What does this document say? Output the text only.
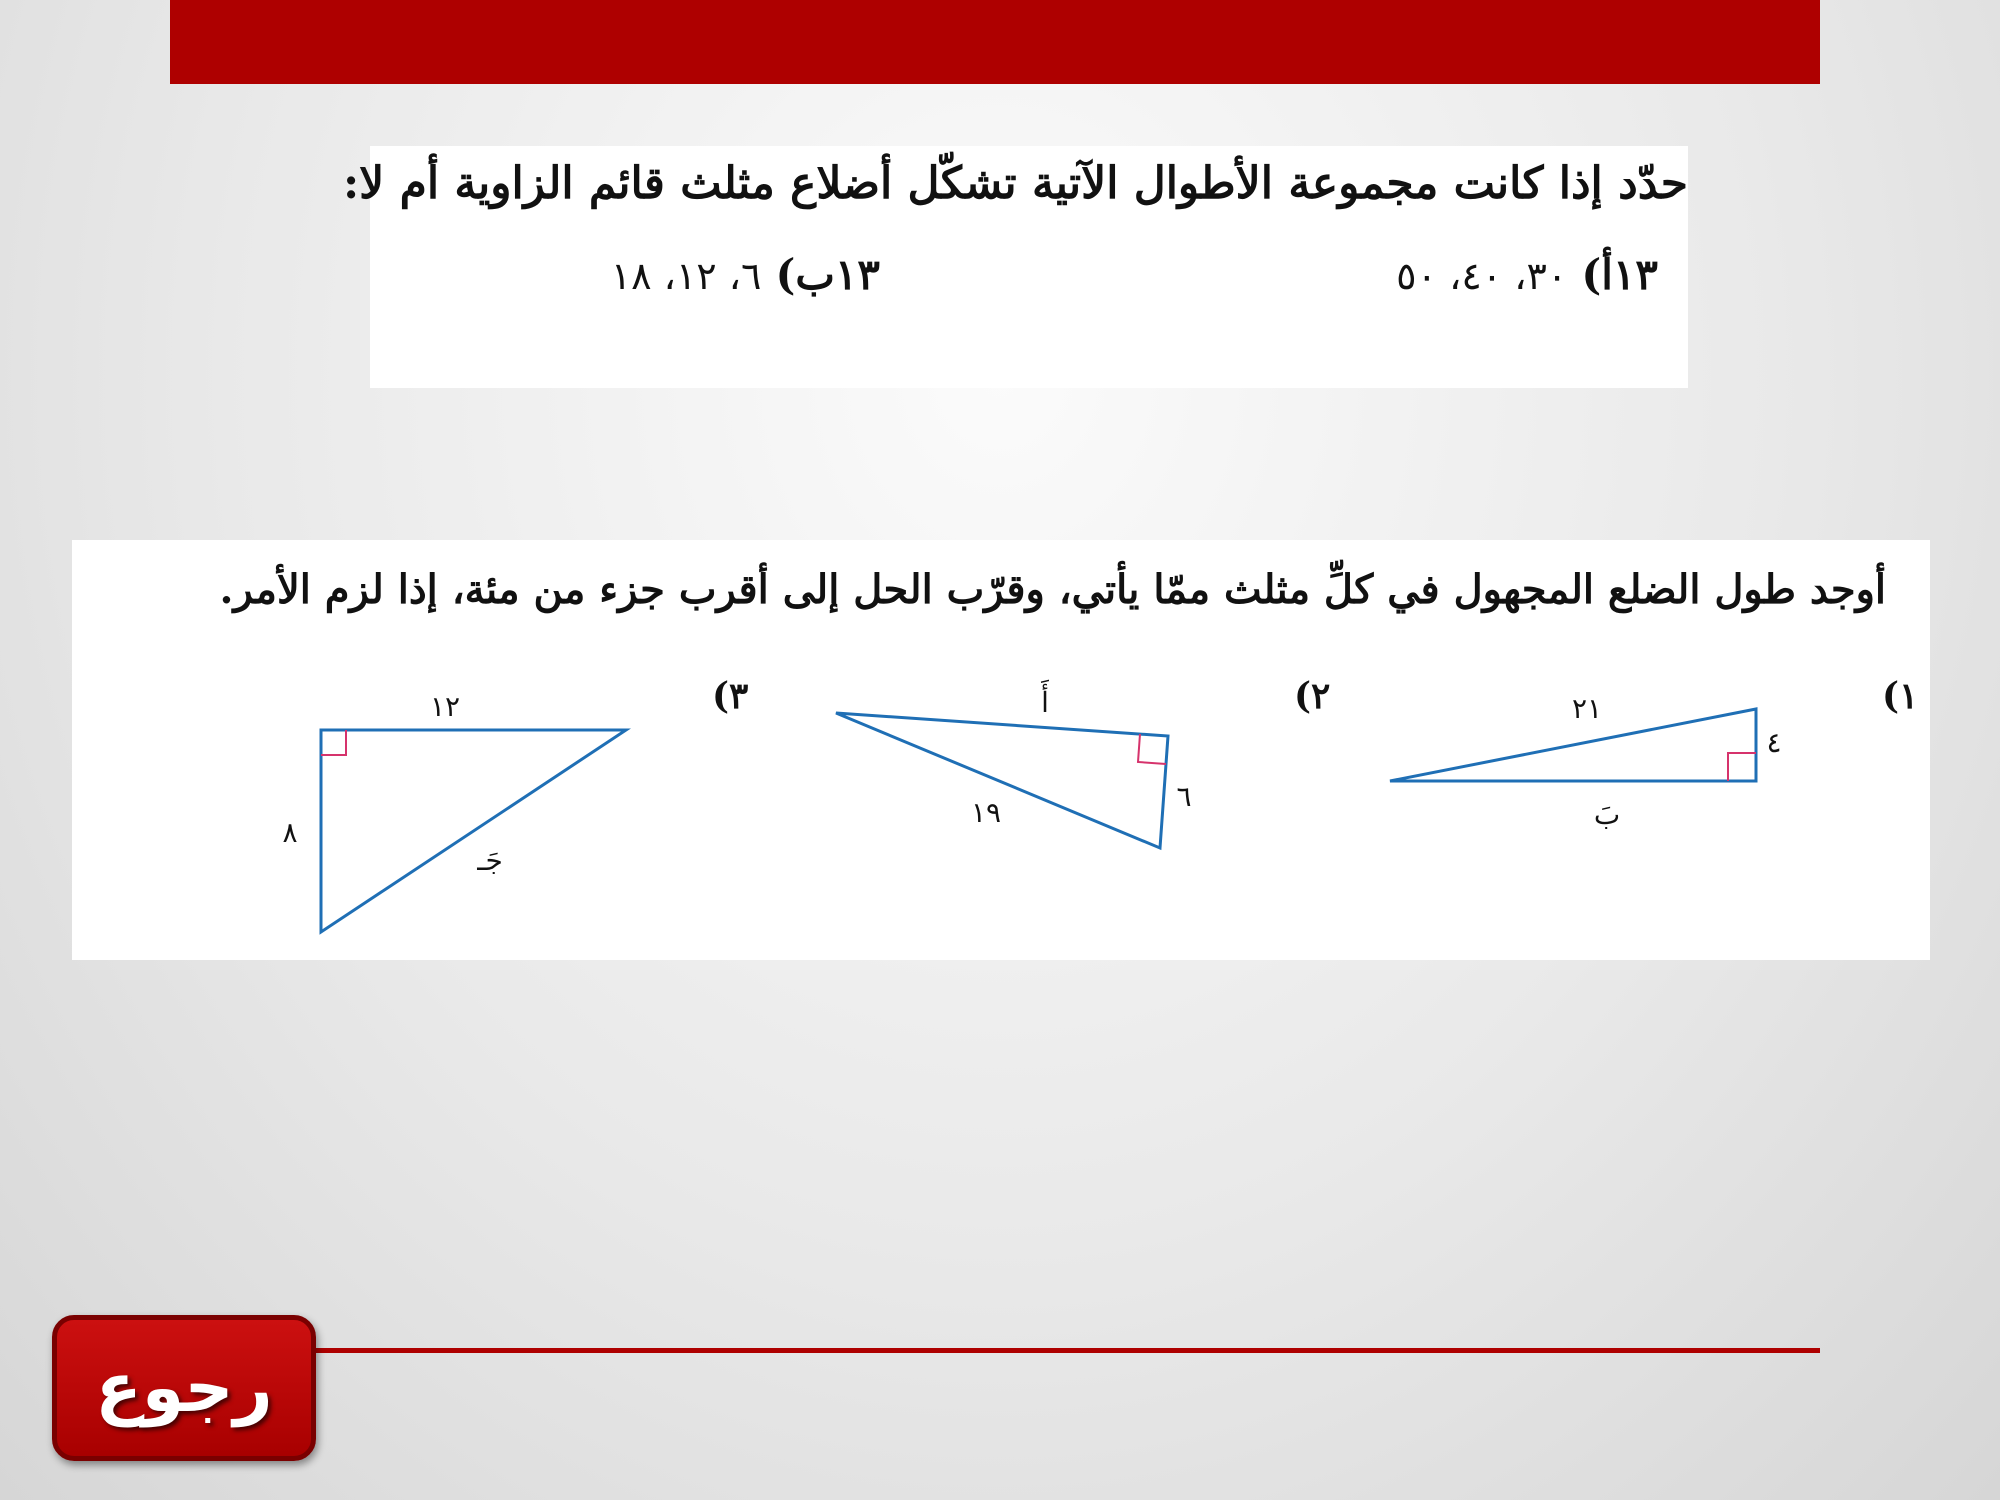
حدّد إذا كانت مجموعة الأطوال الآتية تشكّل أضلاع مثلث قائم الزاوية أم لا:
١٣أ)٣٠، ٤٠، ٥٠
١٣ب)٦، ١٢، ١٨
أوجد طول الضلع المجهول في كلِّ مثلث ممّا يأتي، وقرّب الحل إلى أقرب جزء من مئة، إذا لزم الأمر.
١)
٢١
٤
بَ
٢)
أَ
١٩	٦
٣)
١٢
٨
جَـ
رجوع
